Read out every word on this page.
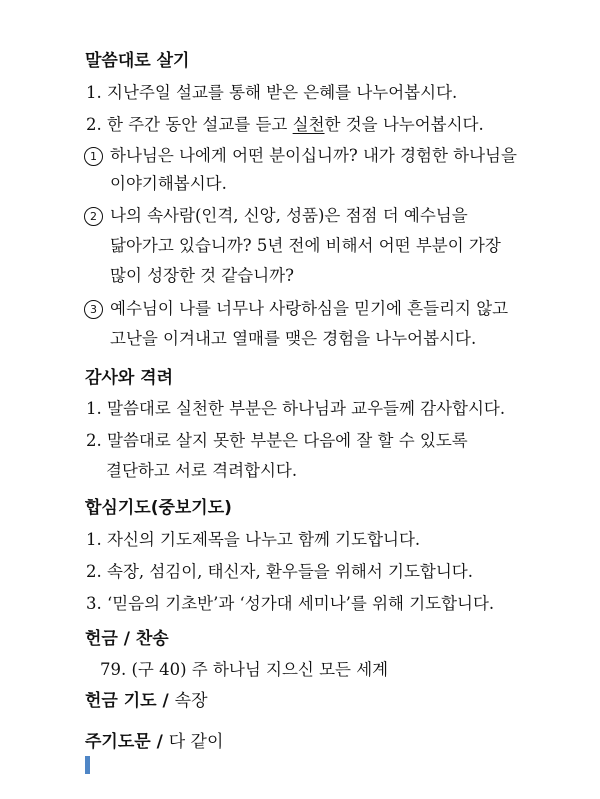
말씀대로 살기
1. 지난주일 설교를 통해 받은 은혜를 나누어봅시다.
2. 한 주간 동안 설교를 듣고 실천한 것을 나누어봅시다.
1 하나님은 나에게 어떤 분이십니까? 내가 경험한 하나님을
이야기해봅시다.
2 나의 속사람(인격, 신앙, 성품)은 점점 더 예수님을
닮아가고 있습니까? 5년 전에 비해서 어떤 부분이 가장
많이 성장한 것 같습니까?
3 예수님이 나를 너무나 사랑하심을 믿기에 흔들리지 않고
고난을 이겨내고 열매를 맺은 경험을 나누어봅시다.
감사와 격려
1. 말씀대로 실천한 부분은 하나님과 교우들께 감사합시다.
2. 말씀대로 살지 못한 부분은 다음에 잘 할 수 있도록
결단하고 서로 격려합시다.
합심기도(중보기도)
1. 자신의 기도제목을 나누고 함께 기도합니다.
2. 속장, 섬김이, 태신자, 환우들을 위해서 기도합니다.
3. ‘믿음의 기초반’과 ‘성가대 세미나’를 위해 기도합니다.
헌금 / 찬송
79. (구 40) 주 하나님 지으신 모든 세계
헌금 기도 / 속장
주기도문 / 다 같이
